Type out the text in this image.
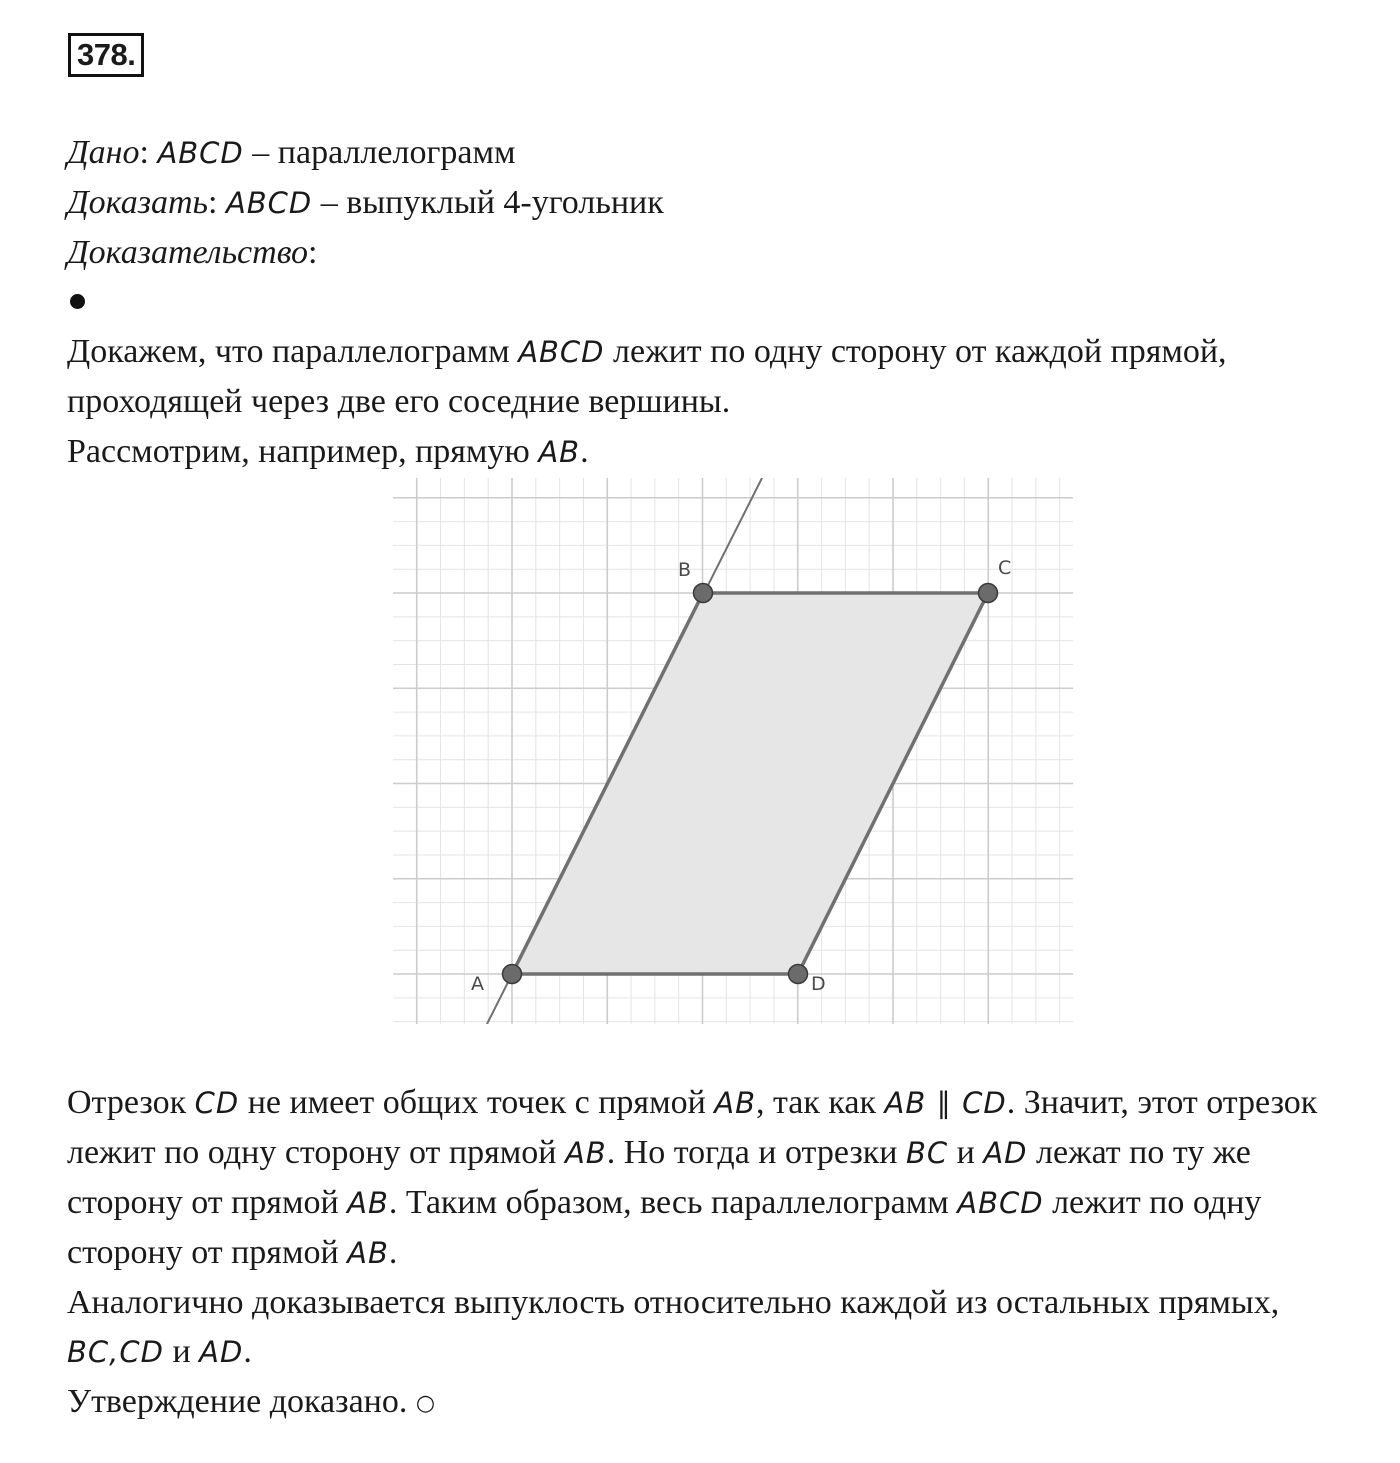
378.
Дано: ABCD – параллелограмм
Доказать: ABCD – выпуклый 4-угольник
Доказательство:
Докажем, что параллелограмм ABCD лежит по одну сторону от каждой прямой,
проходящей через две его соседние вершины.
Рассмотрим, например, прямую AB.
A
B	C
D
Отрезок CD не имеет общих точек с прямой AB, так как AB ∥ CD. Значит, этот отрезок
лежит по одну сторону от прямой AB. Но тогда и отрезки BC и AD лежат по ту же
сторону от прямой AB. Таким образом, весь параллелограмм ABCD лежит по одну
сторону от прямой AB.
Аналогично доказывается выпуклость относительно каждой из остальных прямых,
BC,CD и AD.
Утверждение доказано. ○
